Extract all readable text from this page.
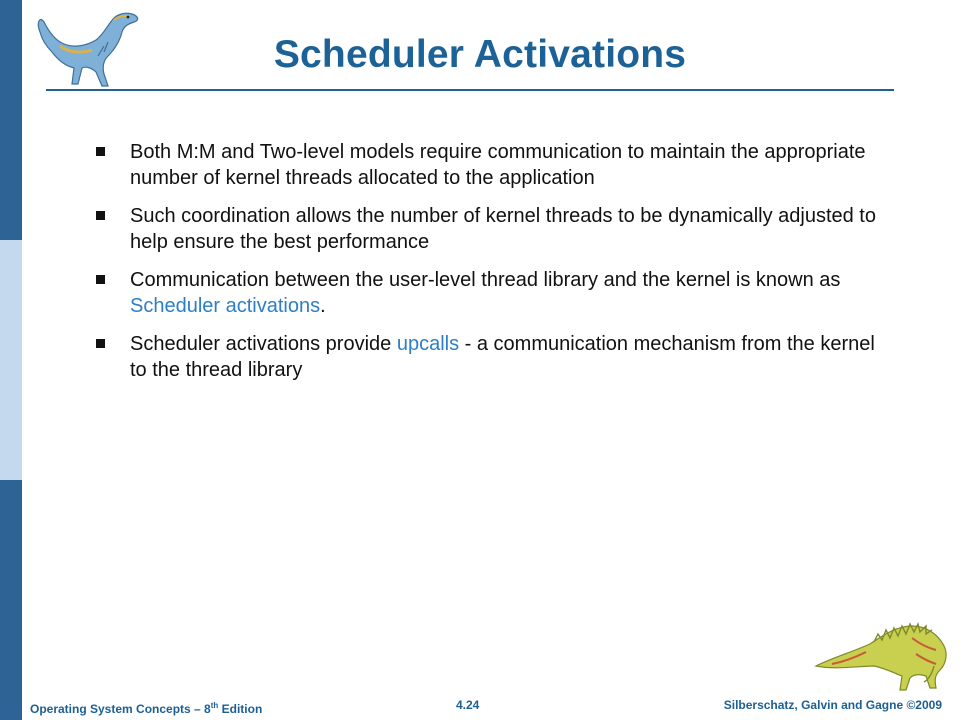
Scheduler Activations
Both M:M and Two-level models require communication to maintain the appropriate number of kernel threads allocated to the application
Such coordination allows the number of kernel threads to be dynamically adjusted to help ensure the best performance
Communication between the user-level thread library and the kernel is known as Scheduler activations.
Scheduler activations provide upcalls - a communication mechanism from the kernel to the thread library
Operating System Concepts – 8th Edition	4.24	Silberschatz, Galvin and Gagne ©2009
